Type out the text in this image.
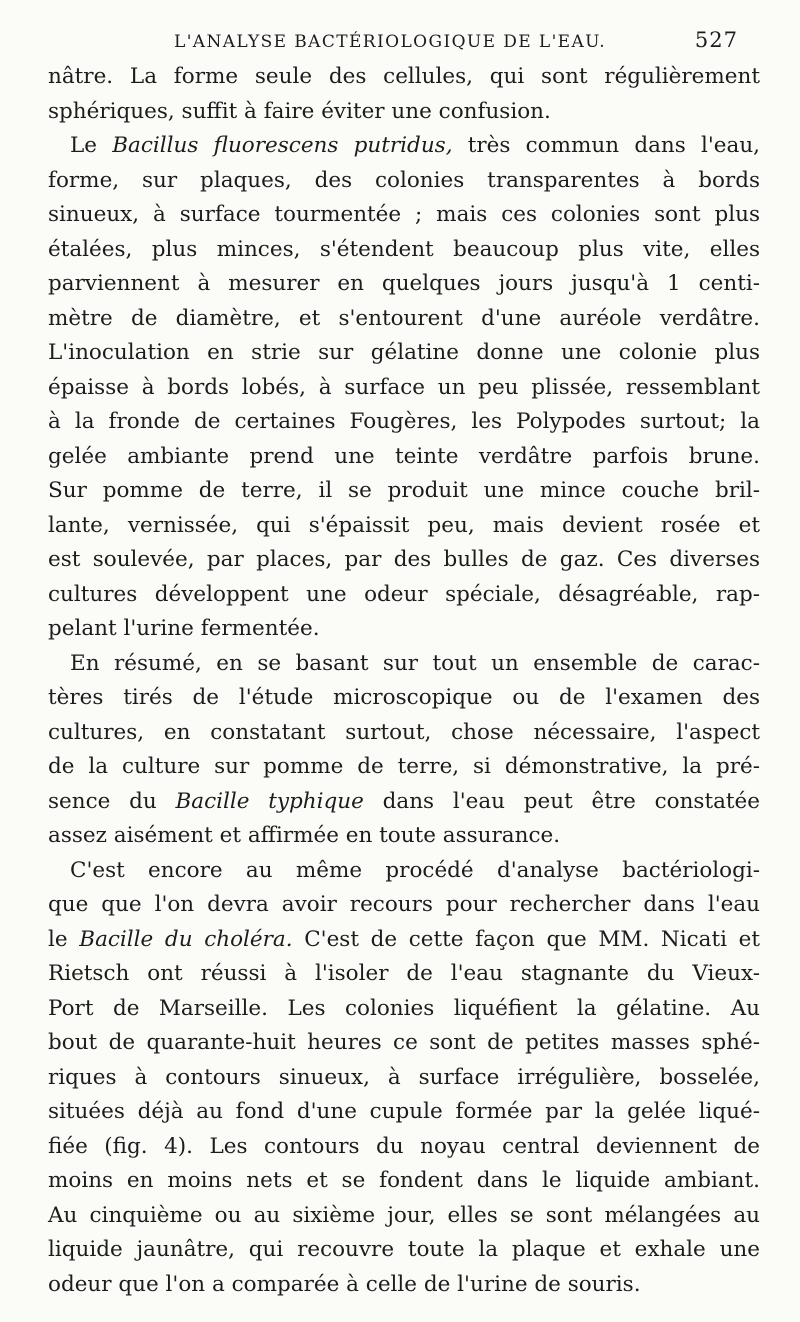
L'ANALYSE BACTÉRIOLOGIQUE DE L'EAU.	527
nâtre. La forme seule des cellules, qui sont régulièrement
sphériques, suffit à faire éviter une confusion.
Le Bacillus fluorescens putridus, très commun dans l'eau,
forme, sur plaques, des colonies transparentes à bords
sinueux, à surface tourmentée ; mais ces colonies sont plus
étalées, plus minces, s'étendent beaucoup plus vite, elles
parviennent à mesurer en quelques jours jusqu'à 1 centi-
mètre de diamètre, et s'entourent d'une auréole verdâtre.
L'inoculation en strie sur gélatine donne une colonie plus
épaisse à bords lobés, à surface un peu plissée, ressemblant
à la fronde de certaines Fougères, les Polypodes surtout; la
gelée ambiante prend une teinte verdâtre parfois brune.
Sur pomme de terre, il se produit une mince couche bril-
lante, vernissée, qui s'épaissit peu, mais devient rosée et
est soulevée, par places, par des bulles de gaz. Ces diverses
cultures développent une odeur spéciale, désagréable, rap-
pelant l'urine fermentée.
En résumé, en se basant sur tout un ensemble de carac-
tères tirés de l'étude microscopique ou de l'examen des
cultures, en constatant surtout, chose nécessaire, l'aspect
de la culture sur pomme de terre, si démonstrative, la pré-
sence du Bacille typhique dans l'eau peut être constatée
assez aisément et affirmée en toute assurance.
C'est encore au même procédé d'analyse bactériologi-
que que l'on devra avoir recours pour rechercher dans l'eau
le Bacille du choléra. C'est de cette façon que MM. Nicati et
Rietsch ont réussi à l'isoler de l'eau stagnante du Vieux-
Port de Marseille. Les colonies liquéfient la gélatine. Au
bout de quarante-huit heures ce sont de petites masses sphé-
riques à contours sinueux, à surface irrégulière, bosselée,
situées déjà au fond d'une cupule formée par la gelée liqué-
fiée (fig. 4). Les contours du noyau central deviennent de
moins en moins nets et se fondent dans le liquide ambiant.
Au cinquième ou au sixième jour, elles se sont mélangées au
liquide jaunâtre, qui recouvre toute la plaque et exhale une
odeur que l'on a comparée à celle de l'urine de souris.
